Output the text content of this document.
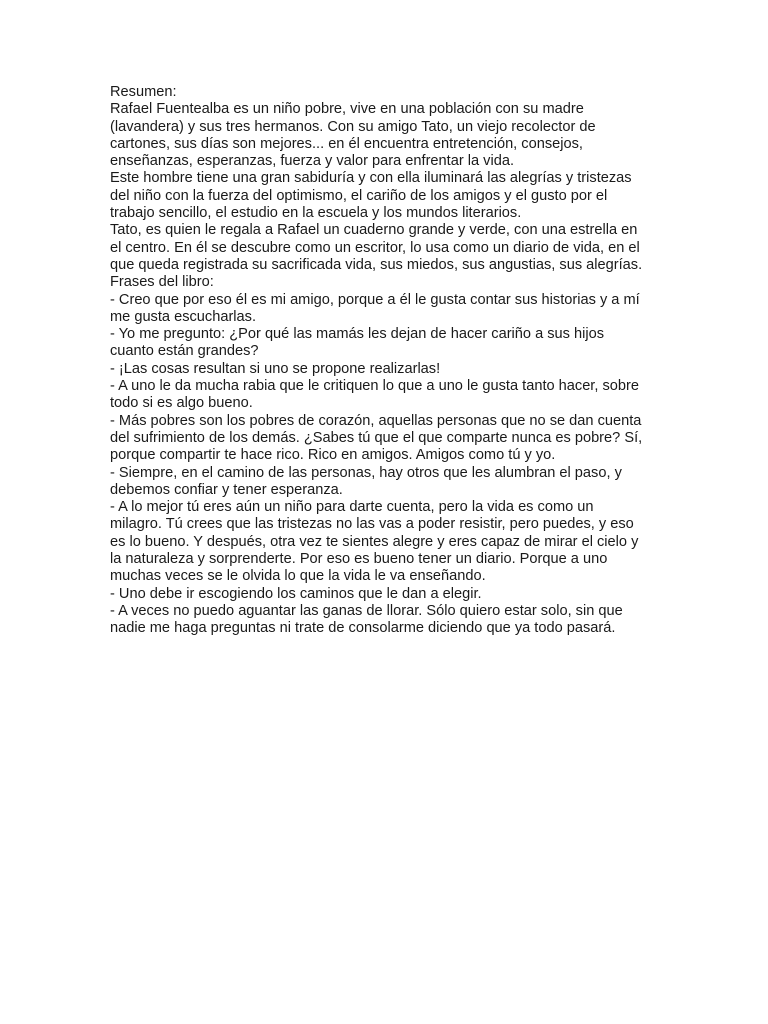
Resumen:
Rafael Fuentealba es un niño pobre, vive en una población con su madre
(lavandera) y sus tres hermanos. Con su amigo Tato, un viejo recolector de
cartones, sus días son mejores... en él encuentra entretención, consejos,
enseñanzas, esperanzas, fuerza y valor para enfrentar la vida.
Este hombre tiene una gran sabiduría y con ella iluminará las alegrías y tristezas
del niño con la fuerza del optimismo, el cariño de los amigos y el gusto por el
trabajo sencillo, el estudio en la escuela y los mundos literarios.
Tato, es quien le regala a Rafael un cuaderno grande y verde, con una estrella en
el centro. En él se descubre como un escritor, lo usa como un diario de vida, en el
que queda registrada su sacrificada vida, sus miedos, sus angustias, sus alegrías.
Frases del libro:
- Creo que por eso él es mi amigo, porque a él le gusta contar sus historias y a mí
me gusta escucharlas.
- Yo me pregunto: ¿Por qué las mamás les dejan de hacer cariño a sus hijos
cuanto están grandes?
- ¡Las cosas resultan si uno se propone realizarlas!
- A uno le da mucha rabia que le critiquen lo que a uno le gusta tanto hacer, sobre
todo si es algo bueno.
- Más pobres son los pobres de corazón, aquellas personas que no se dan cuenta
del sufrimiento de los demás. ¿Sabes tú que el que comparte nunca es pobre? Sí,
porque compartir te hace rico. Rico en amigos. Amigos como tú y yo.
- Siempre, en el camino de las personas, hay otros que les alumbran el paso, y
debemos confiar y tener esperanza.
- A lo mejor tú eres aún un niño para darte cuenta, pero la vida es como un
milagro. Tú crees que las tristezas no las vas a poder resistir, pero puedes, y eso
es lo bueno. Y después, otra vez te sientes alegre y eres capaz de mirar el cielo y
la naturaleza y sorprenderte. Por eso es bueno tener un diario. Porque a uno
muchas veces se le olvida lo que la vida le va enseñando.
- Uno debe ir escogiendo los caminos que le dan a elegir.
- A veces no puedo aguantar las ganas de llorar. Sólo quiero estar solo, sin que
nadie me haga preguntas ni trate de consolarme diciendo que ya todo pasará.
